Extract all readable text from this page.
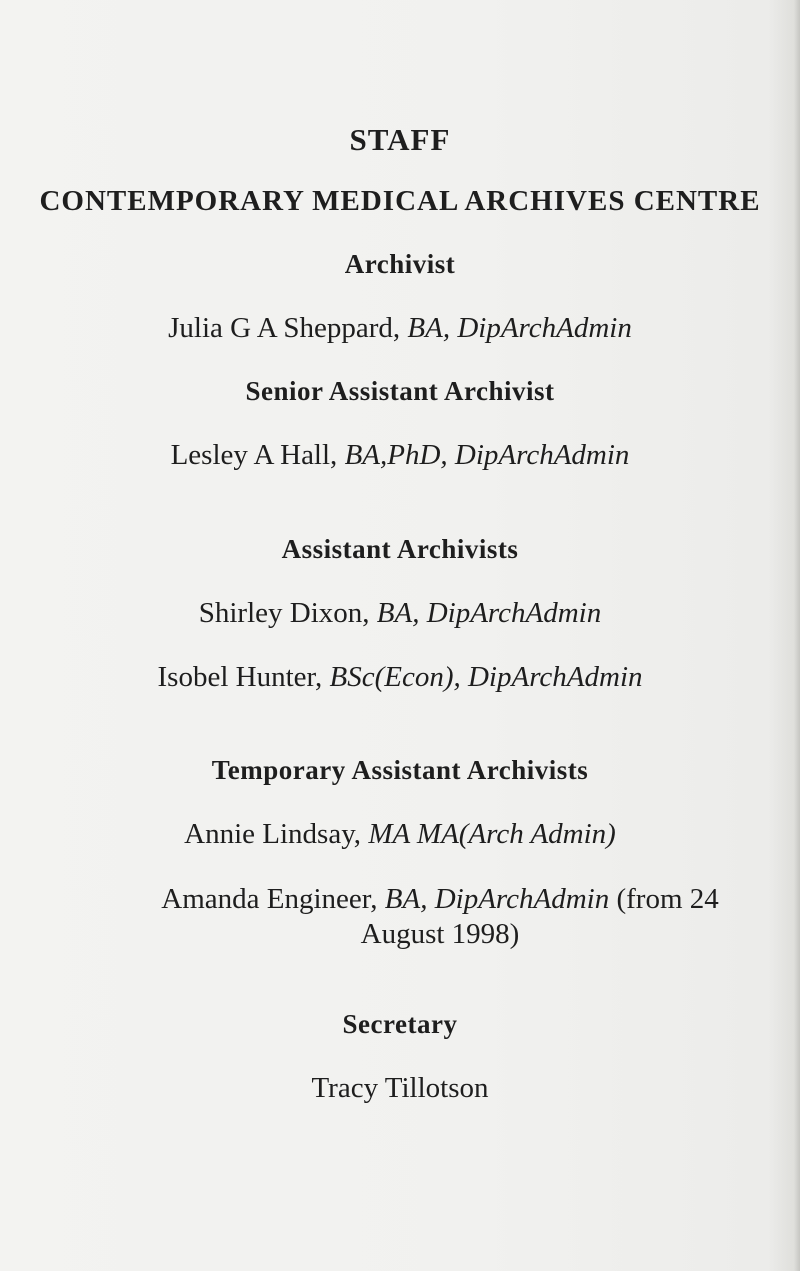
STAFF
CONTEMPORARY MEDICAL ARCHIVES CENTRE
Archivist
Julia G A Sheppard, BA, DipArchAdmin
Senior Assistant Archivist
Lesley A Hall, BA,PhD, DipArchAdmin
Assistant Archivists
Shirley Dixon, BA, DipArchAdmin
Isobel Hunter, BSc(Econ), DipArchAdmin
Temporary Assistant Archivists
Annie Lindsay, MA MA(Arch Admin)
Amanda Engineer, BA, DipArchAdmin (from 24 August 1998)
Secretary
Tracy Tillotson
